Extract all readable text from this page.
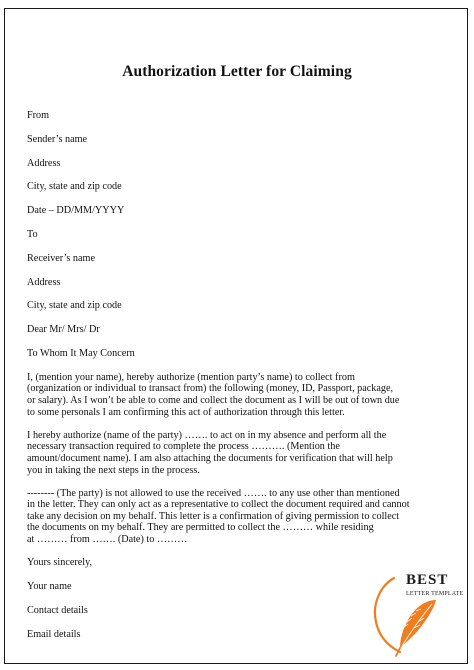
Authorization Letter for Claiming
From
Sender’s name
Address
City, state and zip code
Date – DD/MM/YYYY
To
Receiver’s name
Address
City, state and zip code
Dear Mr/ Mrs/ Dr
To Whom It May Concern
I, (mention your name), hereby authorize (mention party’s name) to collect from
(organization or individual to transact from) the following (money, ID, Passport, package,
or salary). As I won’t be able to come and collect the document as I will be out of town due
to some personals I am confirming this act of authorization through this letter.
I hereby authorize (name of the party) ……. to act on in my absence and perform all the
necessary transaction required to complete the process ………. (Mention the
amount/document name). I am also attaching the documents for verification that will help
you in taking the next steps in the process.
-------- (The party) is not allowed to use the received ……. to any use other than mentioned
in the letter. They can only act as a representative to collect the document required and cannot
take any decision on my behalf. This letter is a confirmation of giving permission to collect
the documents on my behalf. They are permitted to collect the ……… while residing
at ……… from ……. (Date) to ………
Yours sincerely,
Your name
Contact details
Email details
BEST
LETTER TEMPLATE
